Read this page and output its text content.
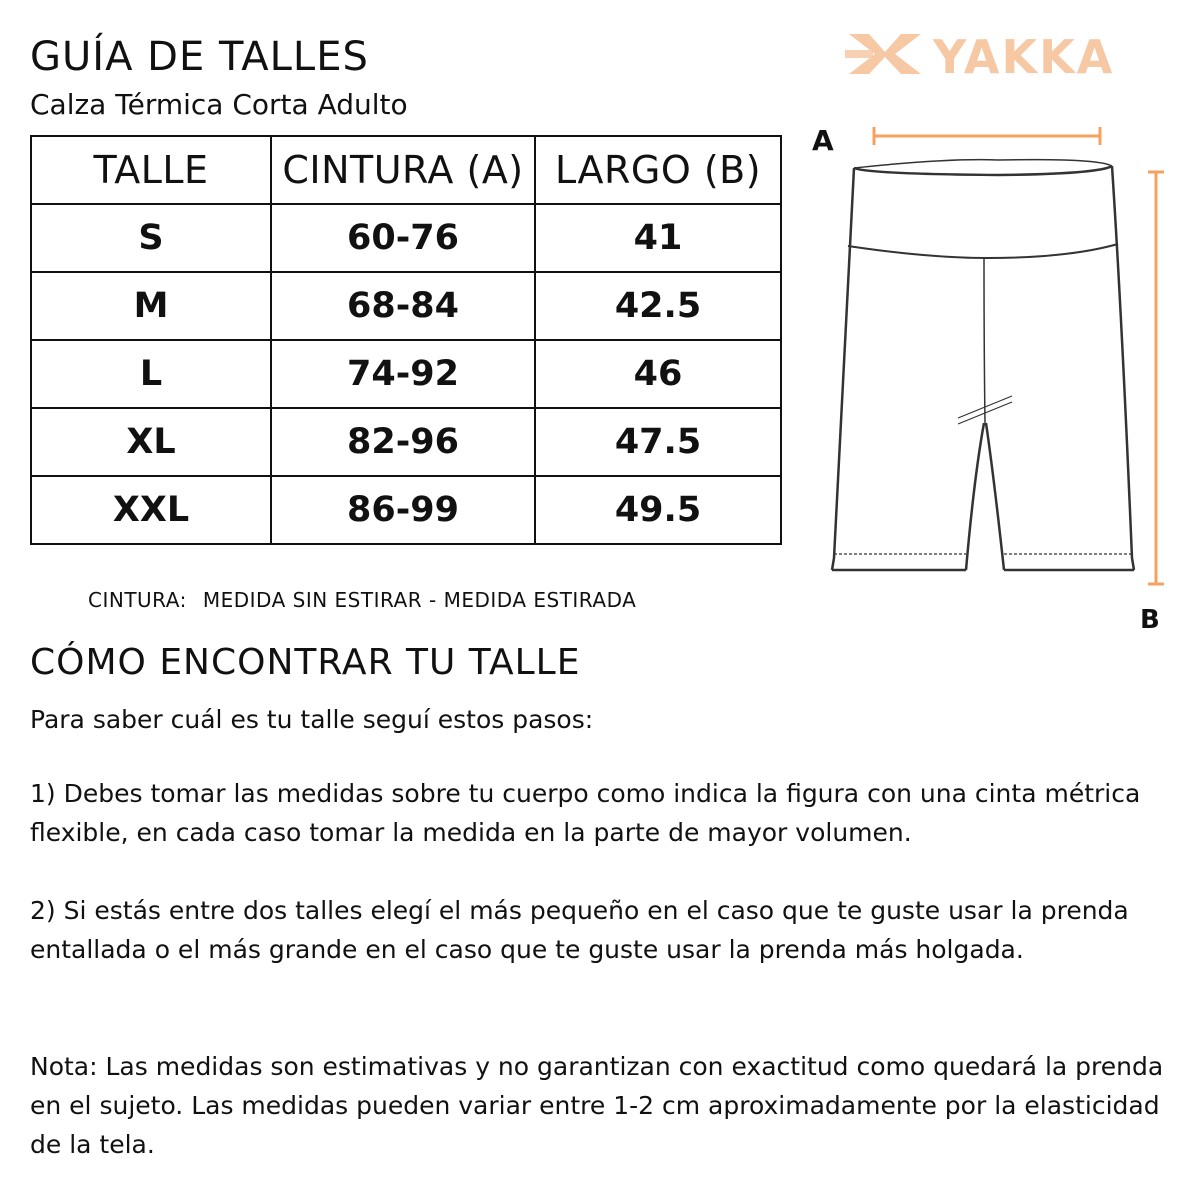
GUÍA DE TALLES

Calza Térmica Corta Adulto

YAKKA
TALLE	CINTURA (A)	LARGO (B)
S	60-76	41
M	68-84	42.5
L	74-92	46
XL	82-96	47.5
XXL	86-99	49.5

CINTURA: MEDIDA SIN ESTIRAR - MEDIDA ESTIRADA

A
B
CÓMO ENCONTRAR TU TALLE

Para saber cuál es tu talle seguí estos pasos:

1) Debes tomar las medidas sobre tu cuerpo como indica la figura con una cinta métrica flexible, en cada caso tomar la medida en la parte de mayor volumen.

2) Si estás entre dos talles elegí el más pequeño en el caso que te guste usar la prenda entallada o el más grande en el caso que te guste usar la prenda más holgada.

Nota: Las medidas son estimativas y no garantizan con exactitud como quedará la prenda en el sujeto. Las medidas pueden variar entre 1-2 cm aproximadamente por la elasticidad de la tela.
